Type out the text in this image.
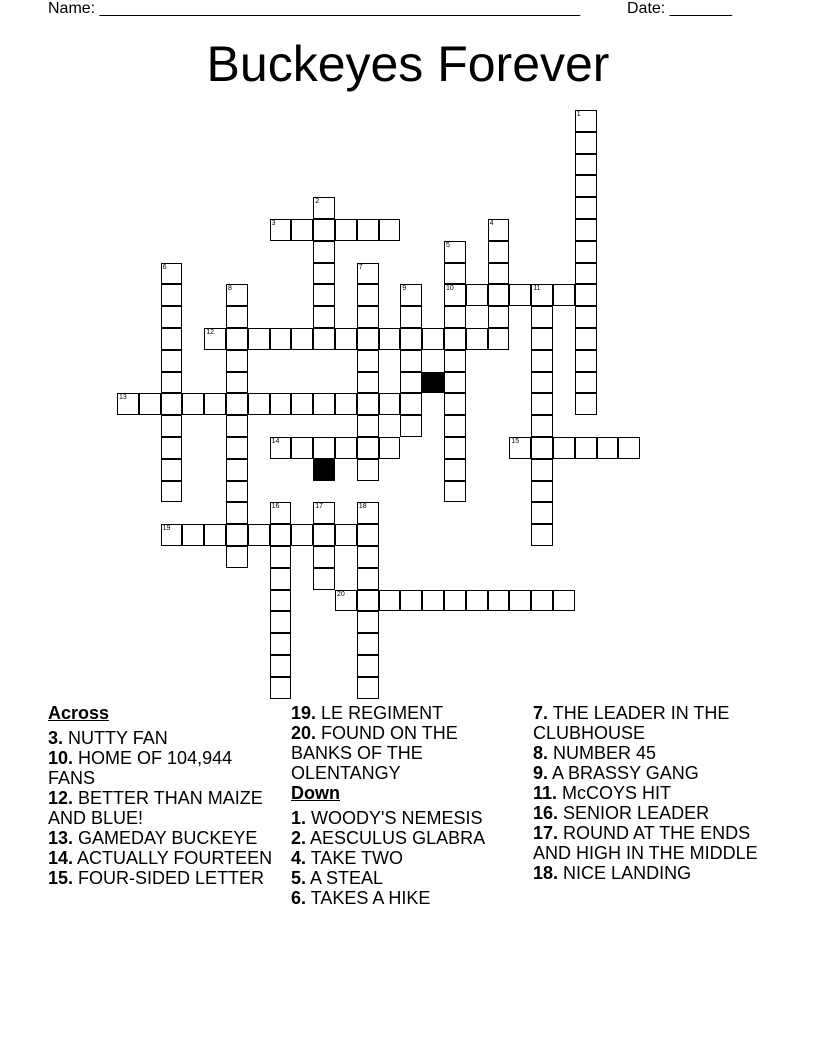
Name: ______________________________________________________	Date: _______
Buckeyes Forever
3
10	11
12
13
14	15
19
20
1
2
4
5
6	7
8	9
16	17	18
Across
3. NUTTY FAN
10. HOME OF 104,944 FANS
12. BETTER THAN MAIZE AND BLUE!
13. GAMEDAY BUCKEYE
14. ACTUALLY FOURTEEN
15. FOUR-SIDED LETTER
19. LE REGIMENT
20. FOUND ON THE BANKS OF THE OLENTANGY
Down
1. WOODY'S NEMESIS
2. AESCULUS GLABRA
4. TAKE TWO
5. A STEAL
6. TAKES A HIKE
7. THE LEADER IN THE CLUBHOUSE
8. NUMBER 45
9. A BRASSY GANG
11. McCOYS HIT
16. SENIOR LEADER
17. ROUND AT THE ENDS AND HIGH IN THE MIDDLE
18. NICE LANDING
